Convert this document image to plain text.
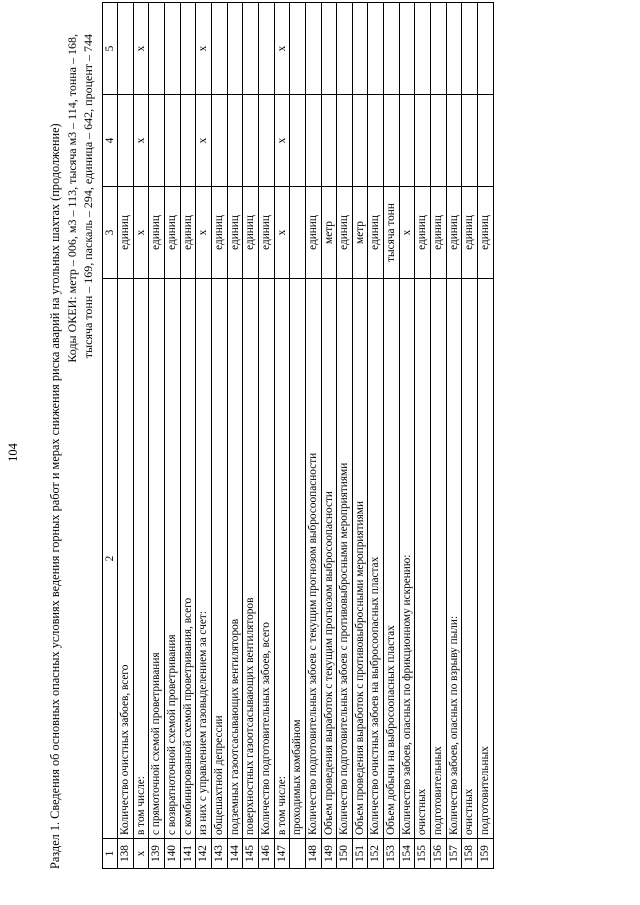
104 Раздел 1. Сведения об основных опасных условиях ведения горных работ и мерах снижения риска аварий на угольных шахтах (продолжение) Коды ОКЕИ: метр – 006, м3 – 113, тысяча м3 – 114, тонна – 168, тысяча тонн – 169, паскаль – 294, единица – 642, процент – 744
1	2	3	4	5
138	Количество очистных забоев, всего	единиц		
х	в том числе:	х	х	х
139	с прямоточной схемой проветривания	единиц		
140	с возвратноточной схемой проветривания	единиц		
141	с комбинированной схемой проветривания, всего	единиц		
142	из них с управлением газовыделением за счет:	х	х	х
143	общешахтной депрессии	единиц		
144	подземных газоотсасывающих вентиляторов	единиц		
145	поверхностных газоотсасывающих вентиляторов	единиц		
146	Количество подготовительных забоев, всего	единиц		
147	в том числе:	х	х	х
	проходимых комбайном			
148	Количество подготовительных забоев с текущим прогнозом выбросоопасности	единиц		
149	Объем проведения выработок с текущим прогнозом выбросоопасности	метр		
150	Количество подготовительных забоев с противовыбросными мероприятиями	единиц		
151	Объем проведения выработок с противовыбросными мероприятиями	метр		
152	Количество очистных забоев на выбросоопасных пластах	единиц		
153	Объем добычи на выбросоопасных пластах	тысяча тонн		
154	Количество забоев, опасных по фрикционному искрению:	х		
155	очистных	единиц		
156	подготовительных	единиц		
157	Количество забоев, опасных по взрыву пыли:	единиц		
158	очистных	единиц		
159	подготовительных	единиц		
